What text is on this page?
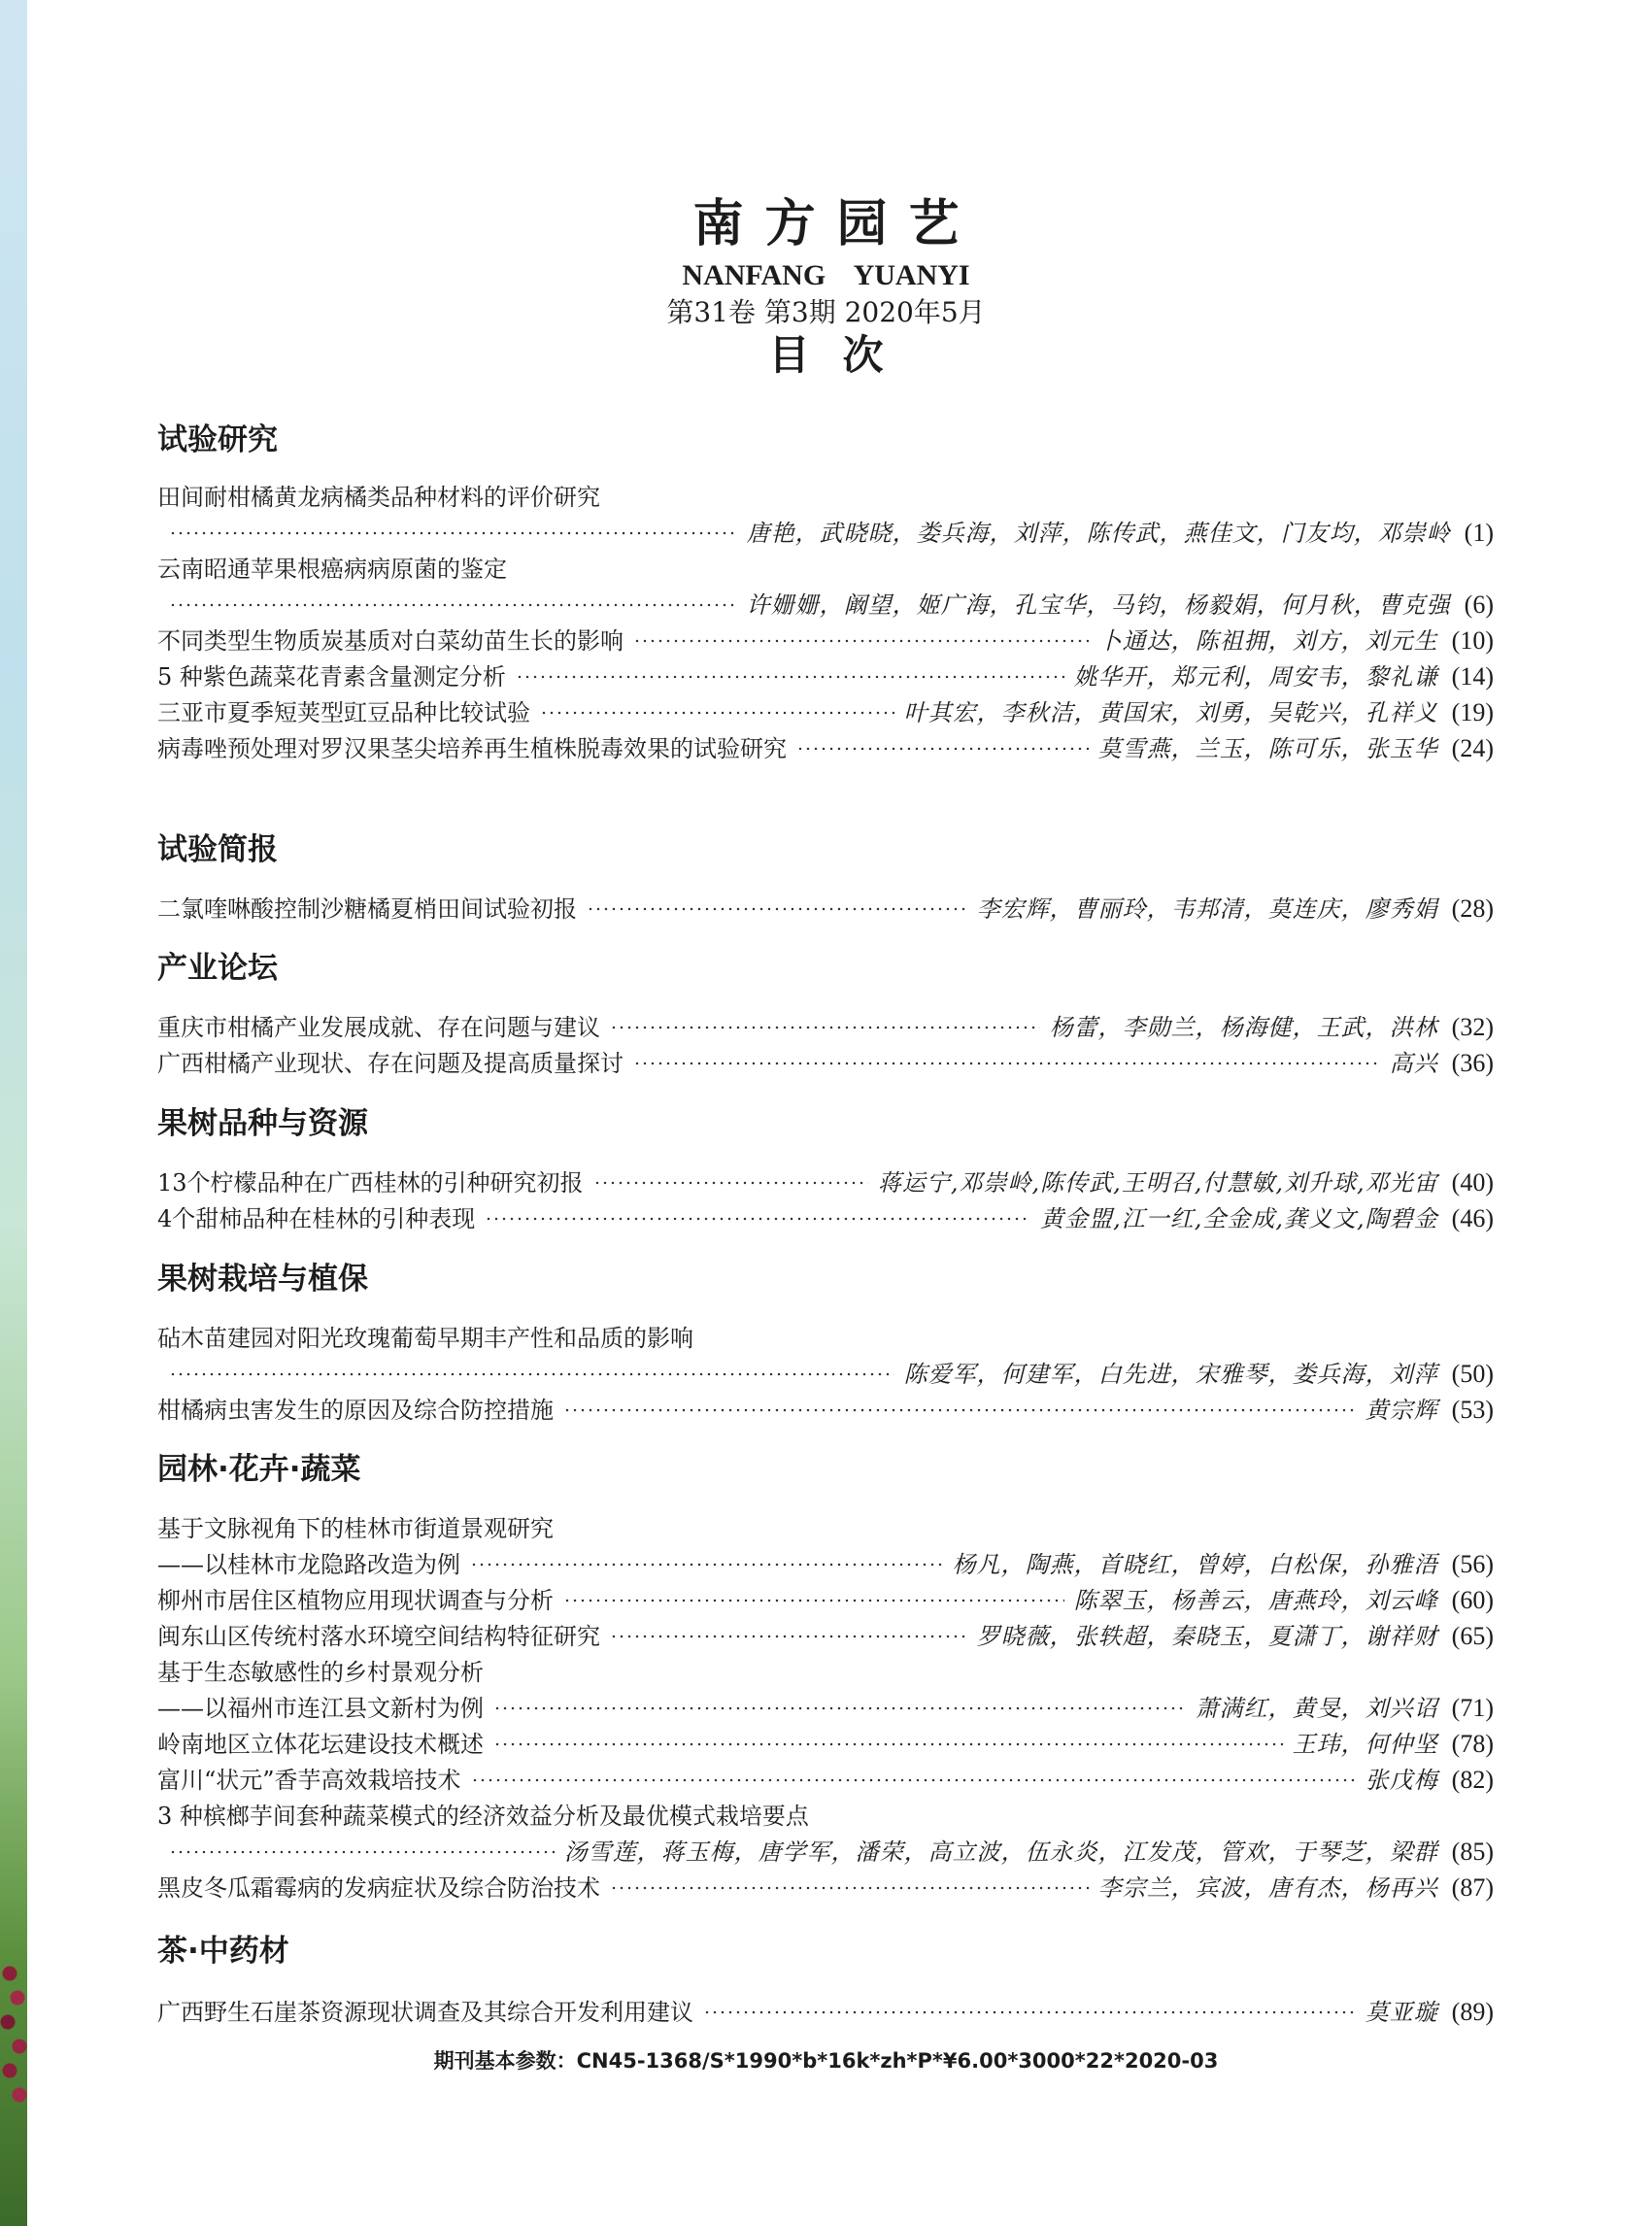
南方园艺
NANFANG YUANYI
第31卷 第3期 2020年5月
目次
试验研究
田间耐柑橘黄龙病橘类品种材料的评价研究
唐艳，武晓晓，娄兵海，刘萍，陈传武，燕佳文，门友均，邓崇岭 (1)
云南昭通苹果根癌病病原菌的鉴定
许姗姗，阚望，姬广海，孔宝华，马钧，杨毅娟，何月秋，曹克强 (6)
不同类型生物质炭基质对白菜幼苗生长的影响	卜通达，陈祖拥，刘方，刘元生 (10)
5 种紫色蔬菜花青素含量测定分析	姚华开，郑元利，周安韦，黎礼谦 (14)
三亚市夏季短荚型豇豆品种比较试验	叶其宏，李秋洁，黄国宋，刘勇，吴乾兴，孔祥义 (19)
病毒唑预处理对罗汉果茎尖培养再生植株脱毒效果的试验研究	莫雪燕，兰玉，陈可乐，张玉华 (24)
试验简报
二氯喹啉酸控制沙糖橘夏梢田间试验初报	李宏辉，曹丽玲，韦邦清，莫连庆，廖秀娟 (28)
产业论坛
重庆市柑橘产业发展成就、存在问题与建议	杨蕾，李勋兰，杨海健，王武，洪林 (32)
广西柑橘产业现状、存在问题及提高质量探讨	高兴 (36)
果树品种与资源
13个柠檬品种在广西桂林的引种研究初报	蒋运宁,邓崇岭,陈传武,王明召,付慧敏,刘升球,邓光宙 (40)
4个甜柿品种在桂林的引种表现	黄金盟,江一红,全金成,龚义文,陶碧金 (46)
果树栽培与植保
砧木苗建园对阳光玫瑰葡萄早期丰产性和品质的影响
陈爱军，何建军，白先进，宋雅琴，娄兵海，刘萍 (50)
柑橘病虫害发生的原因及综合防控措施	黄宗辉 (53)
园林·花卉·蔬菜
基于文脉视角下的桂林市街道景观研究
——以桂林市龙隐路改造为例	杨凡，陶燕，首晓红，曾婷，白松保，孙雅浯 (56)
柳州市居住区植物应用现状调查与分析	陈翠玉，杨善云，唐燕玲，刘云峰 (60)
闽东山区传统村落水环境空间结构特征研究	罗晓薇，张轶超，秦晓玉，夏潇丁，谢祥财 (65)
基于生态敏感性的乡村景观分析
——以福州市连江县文新村为例	萧满红，黄旻，刘兴诏 (71)
岭南地区立体花坛建设技术概述	王玮，何仲坚 (78)
富川“状元”香芋高效栽培技术	张戊梅 (82)
3 种槟榔芋间套种蔬菜模式的经济效益分析及最优模式栽培要点
汤雪莲，蒋玉梅，唐学军，潘荣，高立波，伍永炎，江发茂，管欢，于琴芝，梁群 (85)
黑皮冬瓜霜霉病的发病症状及综合防治技术	李宗兰，宾波，唐有杰，杨再兴 (87)
茶·中药材
广西野生石崖茶资源现状调查及其综合开发利用建议	莫亚璇 (89)
期刊基本参数：CN45-1368/S*1990*b*16k*zh*P*¥6.00*3000*22*2020-03
